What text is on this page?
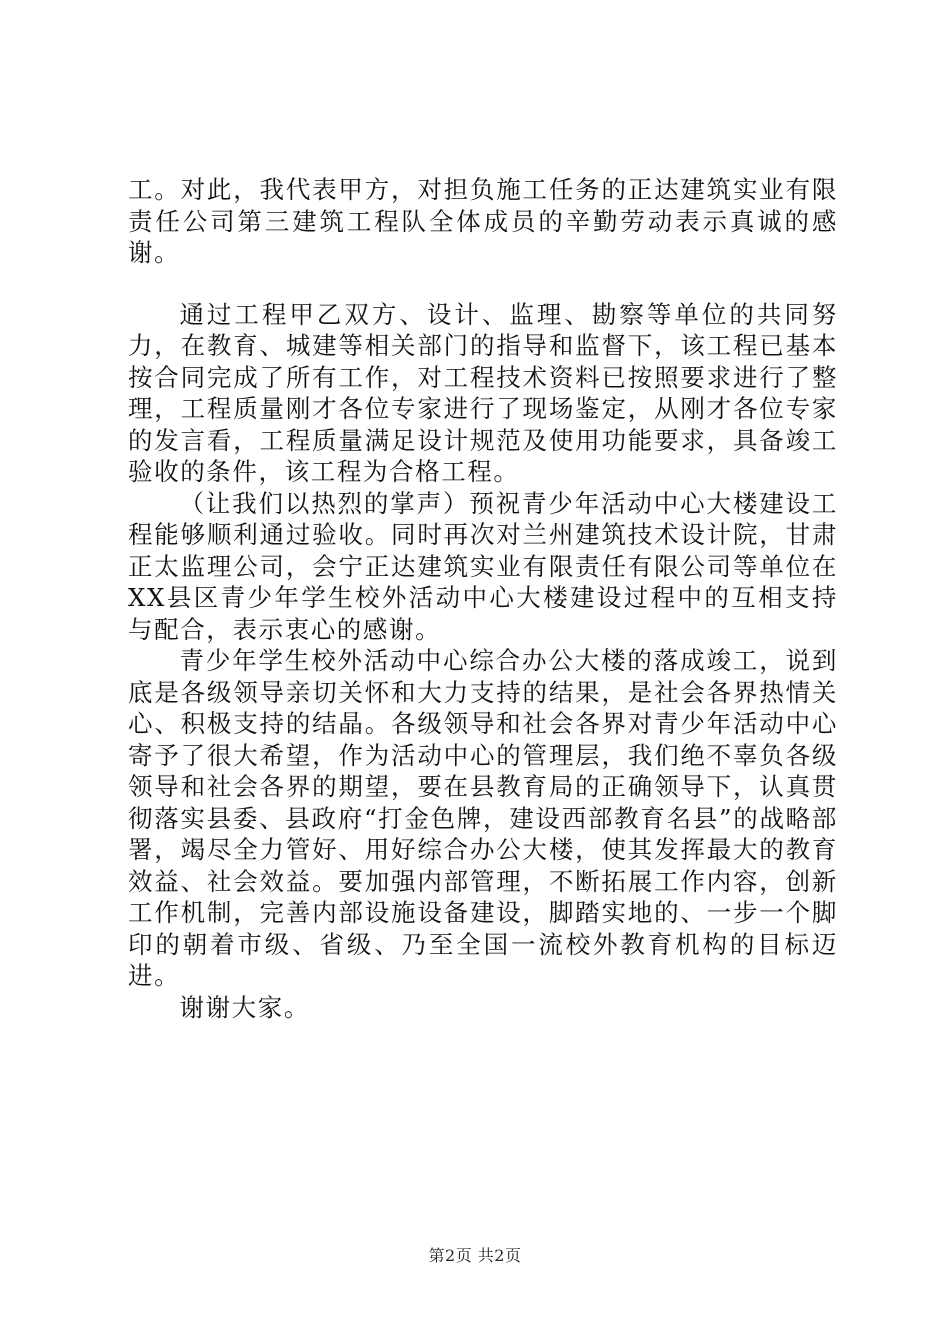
工。对此，我代表甲方，对担负施工任务的正达建筑实业有限责任公司第三建筑工程队全体成员的辛勤劳动表示真诚的感谢。

通过工程甲乙双方、设计、监理、勘察等单位的共同努力，在教育、城建等相关部门的指导和监督下，该工程已基本按合同完成了所有工作，对工程技术资料已按照要求进行了整理，工程质量刚才各位专家进行了现场鉴定，从刚才各位专家的发言看，工程质量满足设计规范及使用功能要求，具备竣工验收的条件，该工程为合格工程。

（让我们以热烈的掌声）预祝青少年活动中心大楼建设工程能够顺利通过验收。同时再次对兰州建筑技术设计院，甘肃正太监理公司，会宁正达建筑实业有限责任有限公司等单位在XX县区青少年学生校外活动中心大楼建设过程中的互相支持与配合，表示衷心的感谢。

青少年学生校外活动中心综合办公大楼的落成竣工，说到底是各级领导亲切关怀和大力支持的结果，是社会各界热情关心、积极支持的结晶。各级领导和社会各界对青少年活动中心寄予了很大希望，作为活动中心的管理层，我们绝不辜负各级领导和社会各界的期望，要在县教育局的正确领导下，认真贯彻落实县委、县政府“打金色牌，建设西部教育名县”的战略部署，竭尽全力管好、用好综合办公大楼，使其发挥最大的教育效益、社会效益。要加强内部管理，不断拓展工作内容，创新工作机制，完善内部设施设备建设，脚踏实地的、一步一个脚印的朝着市级、省级、乃至全国一流校外教育机构的目标迈进。

谢谢大家。

第2页 共2页
